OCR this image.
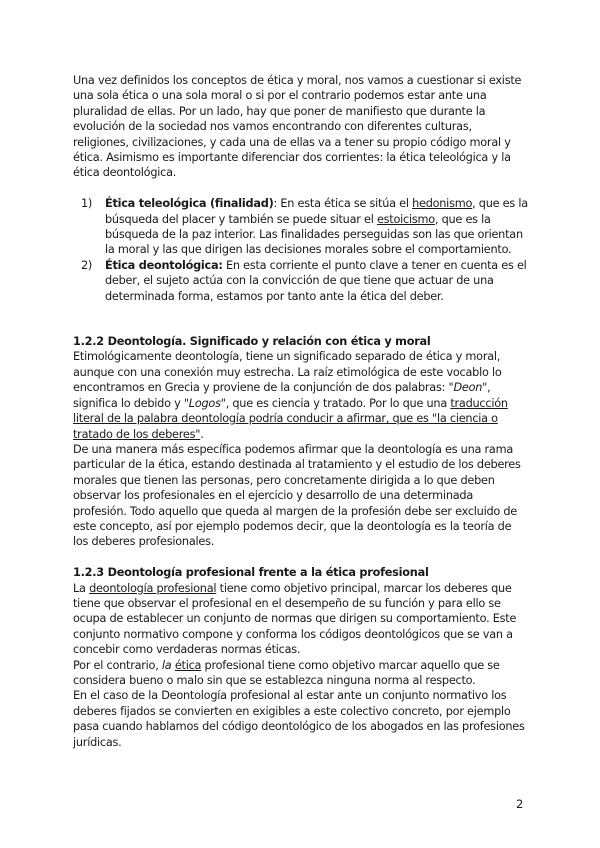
Una vez definidos los conceptos de ética y moral, nos vamos a cuestionar si existe una sola ética o una sola moral o si por el contrario podemos estar ante una pluralidad de ellas. Por un lado, hay que poner de manifiesto que durante la evolución de la sociedad nos vamos encontrando con diferentes culturas, religiones, civilizaciones, y cada una de ellas va a tener su propio código moral y ética. Asimismo es importante diferenciar dos corrientes: la ética teleológica y la ética deontológica.

1) Ética teleológica (finalidad): En esta ética se sitúa el hedonismo, que es la búsqueda del placer y también se puede situar el estoicismo, que es la búsqueda de la paz interior. Las finalidades perseguidas son las que orientan la moral y las que dirigen las decisiones morales sobre el comportamiento.
2) Ética deontológica: En esta corriente el punto clave a tener en cuenta es el deber, el sujeto actúa con la convicción de que tiene que actuar de una determinada forma, estamos por tanto ante la ética del deber.
1.2.2 Deontología. Significado y relación con ética y moral

Etimológicamente deontología, tiene un significado separado de ética y moral, aunque con una conexión muy estrecha. La raíz etimológica de este vocablo lo encontramos en Grecia y proviene de la conjunción de dos palabras: "Deon", significa lo debido y "Logos", que es ciencia y tratado. Por lo que una traducción literal de la palabra deontología podría conducir a afirmar, que es "la ciencia o tratado de los deberes".

De una manera más específica podemos afirmar que la deontología es una rama particular de la ética, estando destinada al tratamiento y el estudio de los deberes morales que tienen las personas, pero concretamente dirigida a lo que deben observar los profesionales en el ejercicio y desarrollo de una determinada profesión. Todo aquello que queda al margen de la profesión debe ser excluido de este concepto, así por ejemplo podemos decir, que la deontología es la teoría de los deberes profesionales.

1.2.3 Deontología profesional frente a la ética profesional

La deontología profesional tiene como objetivo principal, marcar los deberes que tiene que observar el profesional en el desempeño de su función y para ello se ocupa de establecer un conjunto de normas que dirigen su comportamiento. Este conjunto normativo compone y conforma los códigos deontológicos que se van a concebir como verdaderas normas éticas.

Por el contrario, la ética profesional tiene como objetivo marcar aquello que se considera bueno o malo sin que se establezca ninguna norma al respecto.

En el caso de la Deontología profesional al estar ante un conjunto normativo los deberes fijados se convierten en exigibles a este colectivo concreto, por ejemplo pasa cuando hablamos del código deontológico de los abogados en las profesiones jurídicas.

2
